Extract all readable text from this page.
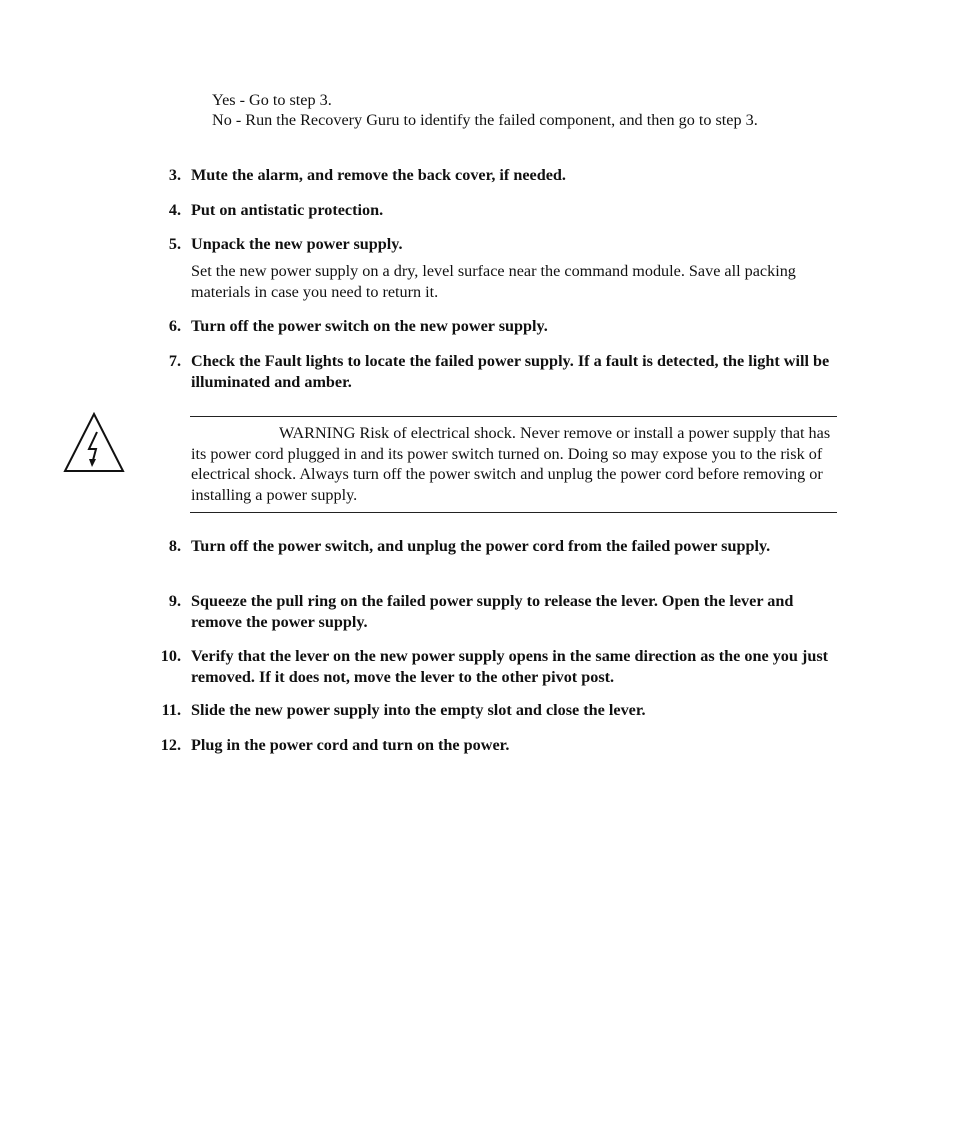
Yes - Go to step 3.
No - Run the Recovery Guru to identify the failed component, and then go to step 3.
3. Mute the alarm, and remove the back cover, if needed.
4. Put on antistatic protection.
5. Unpack the new power supply.
Set the new power supply on a dry, level surface near the command module. Save all packing materials in case you need to return it.
6. Turn off the power switch on the new power supply.
7. Check the Fault lights to locate the failed power supply. If a fault is detected, the light will be illuminated and amber.
WARNING Risk of electrical shock. Never remove or install a power supply that has its power cord plugged in and its power switch turned on. Doing so may expose you to the risk of electrical shock. Always turn off the power switch and unplug the power cord before removing or installing a power supply.
8. Turn off the power switch, and unplug the power cord from the failed power supply.
9. Squeeze the pull ring on the failed power supply to release the lever. Open the lever and remove the power supply.
10. Verify that the lever on the new power supply opens in the same direction as the one you just removed. If it does not, move the lever to the other pivot post.
11. Slide the new power supply into the empty slot and close the lever.
12. Plug in the power cord and turn on the power.
